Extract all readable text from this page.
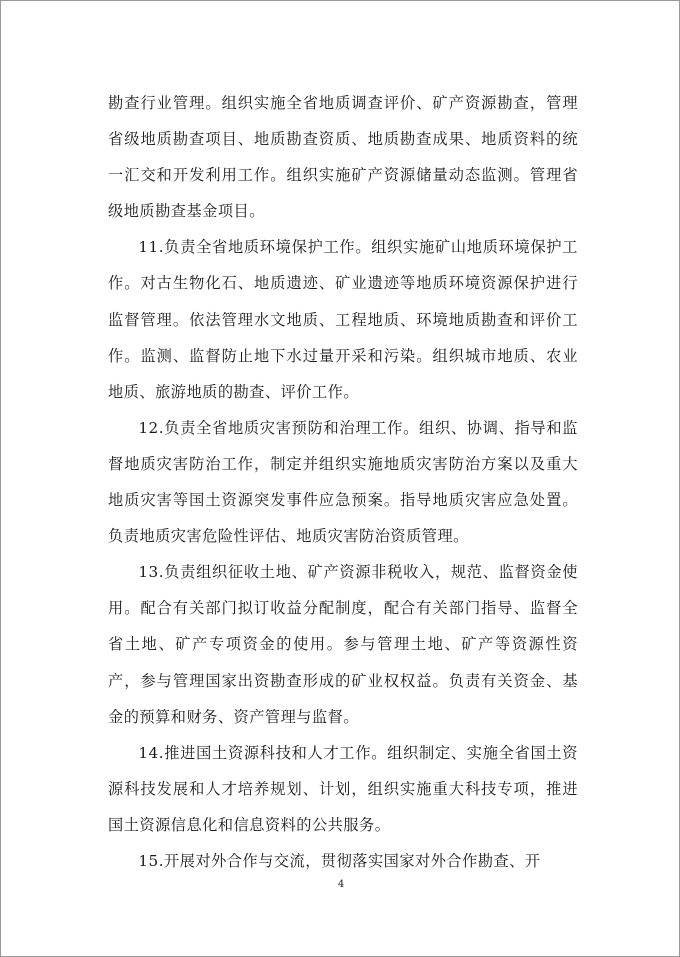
勘查行业管理。组织实施全省地质调查评价、矿产资源勘查，管理省级地质勘查项目、地质勘查资质、地质勘查成果、地质资料的统一汇交和开发利用工作。组织实施矿产资源储量动态监测。管理省级地质勘查基金项目。

11.负责全省地质环境保护工作。组织实施矿山地质环境保护工作。对古生物化石、地质遗迹、矿业遗迹等地质环境资源保护进行监督管理。依法管理水文地质、工程地质、环境地质勘查和评价工作。监测、监督防止地下水过量开采和污染。组织城市地质、农业地质、旅游地质的勘查、评价工作。

12.负责全省地质灾害预防和治理工作。组织、协调、指导和监督地质灾害防治工作，制定并组织实施地质灾害防治方案以及重大地质灾害等国土资源突发事件应急预案。指导地质灾害应急处置。负责地质灾害危险性评估、地质灾害防治资质管理。

13.负责组织征收土地、矿产资源非税收入，规范、监督资金使用。配合有关部门拟订收益分配制度，配合有关部门指导、监督全省土地、矿产专项资金的使用。参与管理土地、矿产等资源性资产，参与管理国家出资勘查形成的矿业权权益。负责有关资金、基金的预算和财务、资产管理与监督。

14.推进国土资源科技和人才工作。组织制定、实施全省国土资源科技发展和人才培养规划、计划，组织实施重大科技专项，推进国土资源信息化和信息资料的公共服务。

15.开展对外合作与交流，贯彻落实国家对外合作勘查、开

4
